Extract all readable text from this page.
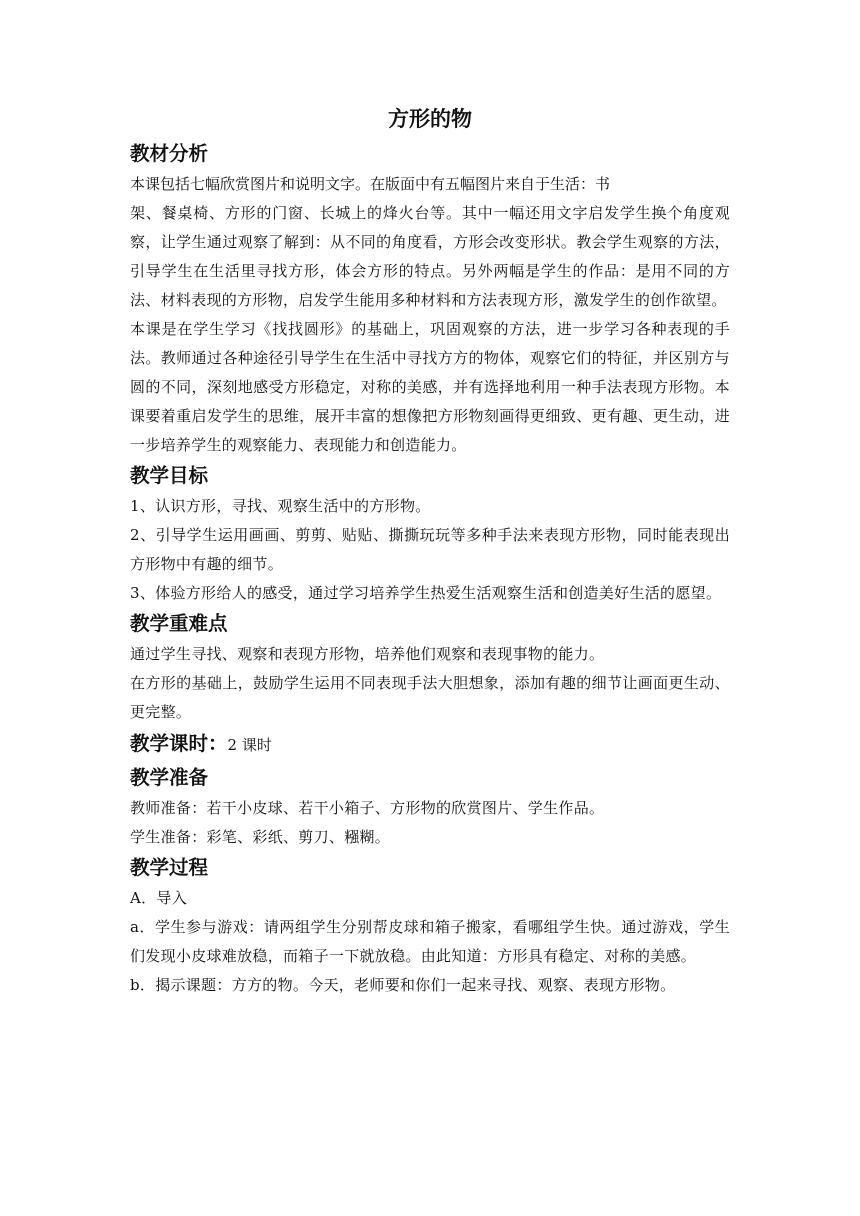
方形的物
教材分析

本课包括七幅欣赏图片和说明文字。在版面中有五幅图片来自于生活：书

架、餐桌椅、方形的门窗、长城上的烽火台等。其中一幅还用文字启发学生换个角度观察，让学生通过观察了解到：从不同的角度看，方形会改变形状。教会学生观察的方法，引导学生在生活里寻找方形，体会方形的特点。另外两幅是学生的作品：是用不同的方法、材料表现的方形物，启发学生能用多种材料和方法表现方形，激发学生的创作欲望。

本课是在学生学习《找找圆形》的基础上，巩固观察的方法，进一步学习各种表现的手法。教师通过各种途径引导学生在生活中寻找方方的物体，观察它们的特征，并区别方与圆的不同，深刻地感受方形稳定，对称的美感，并有选择地利用一种手法表现方形物。本课要着重启发学生的思维，展开丰富的想像把方形物刻画得更细致、更有趣、更生动，进一步培养学生的观察能力、表现能力和创造能力。

教学目标

1、认识方形，寻找、观察生活中的方形物。

2、引导学生运用画画、剪剪、贴贴、撕撕玩玩等多种手法来表现方形物，同时能表现出方形物中有趣的细节。

3、体验方形给人的感受，通过学习培养学生热爱生活观察生活和创造美好生活的愿望。

教学重难点

通过学生寻找、观察和表现方形物，培养他们观察和表现事物的能力。

在方形的基础上，鼓励学生运用不同表现手法大胆想象，添加有趣的细节让画面更生动、更完整。

教学课时：2 课时

教学准备

教师准备：若干小皮球、若干小箱子、方形物的欣赏图片、学生作品。

学生准备：彩笔、彩纸、剪刀、糨糊。

教学过程

A．导入

a．学生参与游戏：请两组学生分别帮皮球和箱子搬家，看哪组学生快。通过游戏，学生们发现小皮球难放稳，而箱子一下就放稳。由此知道：方形具有稳定、对称的美感。

b．揭示课题：方方的物。今天，老师要和你们一起来寻找、观察、表现方形物。
